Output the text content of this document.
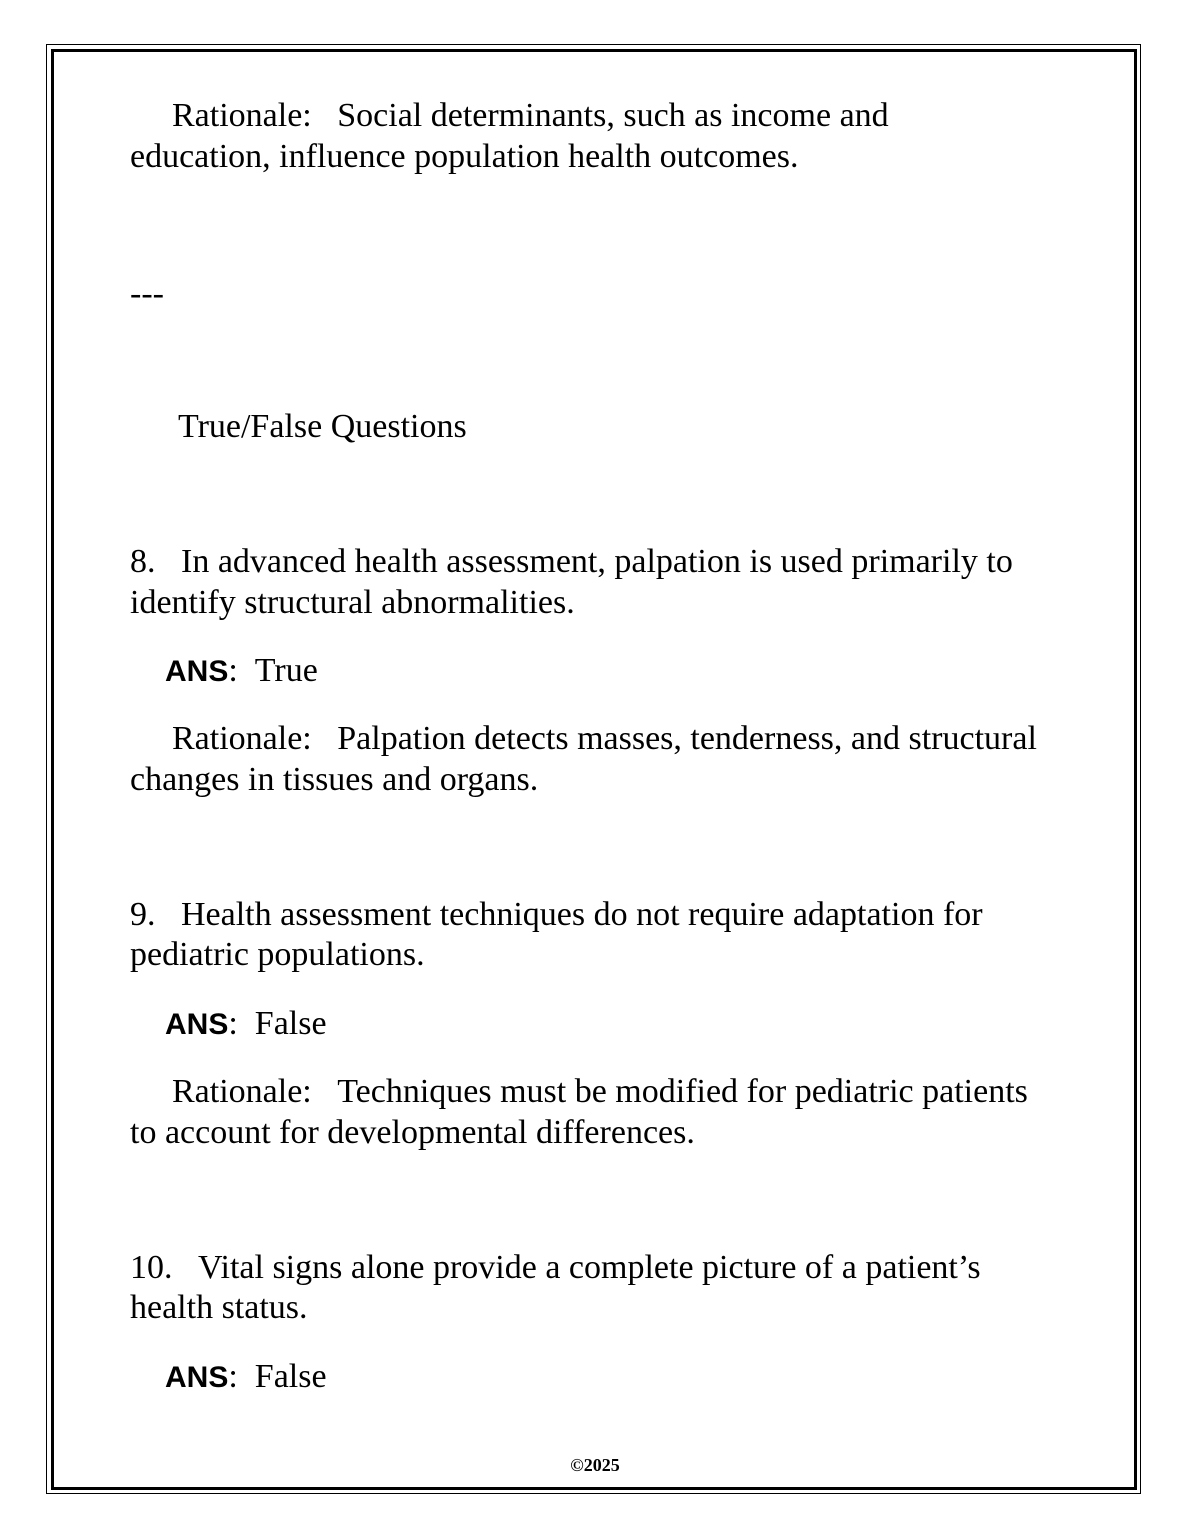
Rationale: Social determinants, such as income and
education, influence population health outcomes.
---
True/False Questions
8. In advanced health assessment, palpation is used primarily to
identify structural abnormalities.
ANS:  True
Rationale: Palpation detects masses, tenderness, and structural
changes in tissues and organs.
9. Health assessment techniques do not require adaptation for
pediatric populations.
ANS:  False
Rationale: Techniques must be modified for pediatric patients
to account for developmental differences.
10. Vital signs alone provide a complete picture of a patient’s
health status.
ANS:  False
©2025
